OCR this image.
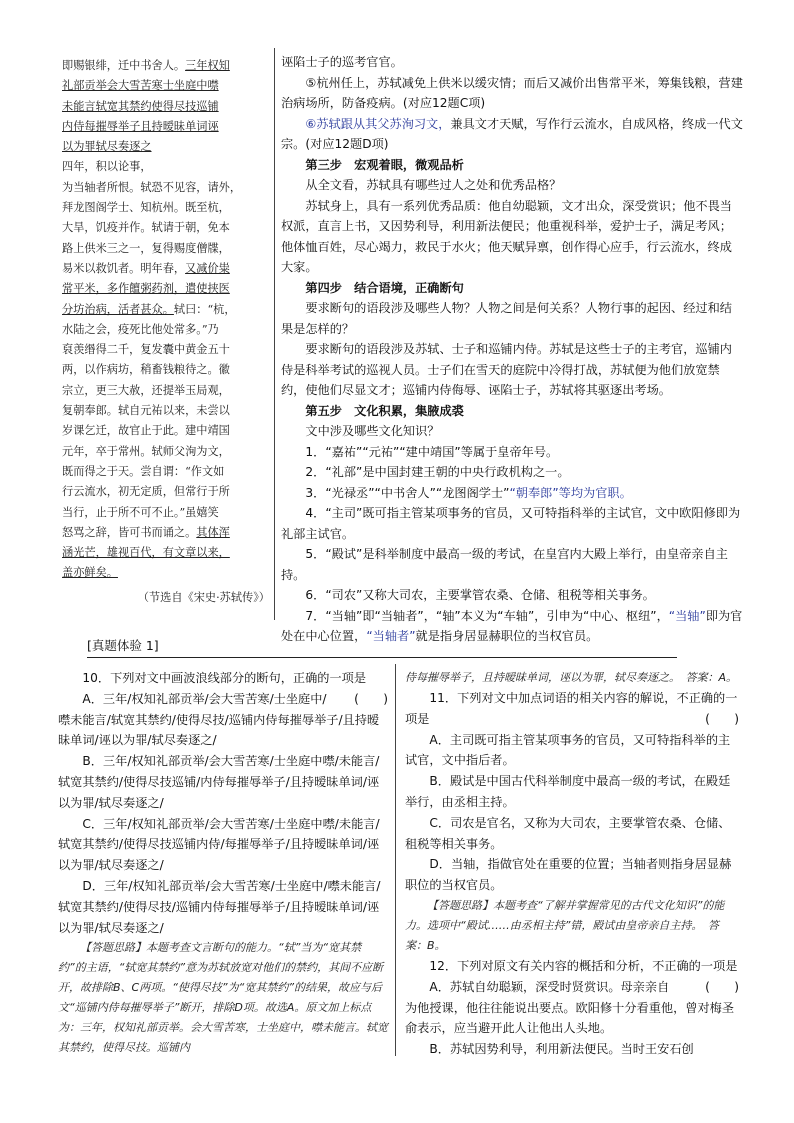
即赐银绯，迁中书舍人。三年权知
礼部贡举会大雪苦寒士坐庭中噤
未能言轼宽其禁约使得尽技巡铺
内侍每摧辱举子且持暧昧单词诬
以为罪轼尽奏逐之
四年，积以论事，
为当轴者所恨。轼恐不见容，请外，
拜龙图阁学士、知杭州。既至杭，
大旱，饥疫并作。轼请于朝，免本
路上供米三之一，复得赐度僧牒，
易米以救饥者。明年春，又减价粜
常平米，多作饘粥药剂，遣使挟医
分坊治病，活者甚众。轼曰：“杭，
水陆之会，疫死比他处常多。”乃
裒羡缗得二千，复发囊中黄金五十
两，以作病坊，稍畜钱粮待之。徽
宗立，更三大赦，还提举玉局观，
复朝奉郎。轼自元祐以来，未尝以
岁课乞迁，故官止于此。建中靖国
元年，卒于常州。轼师父洵为文，
既而得之于天。尝自谓：“作文如
行云流水，初无定质，但常行于所
当行，止于所不可不止。”虽嬉笑
怒骂之辞，皆可书而诵之。其体浑
涵光芒，雄视百代，有文章以来，
盖亦鲜矣。

（节选自《宋史·苏轼传》）

诬陷士子的巡考官官。

⑤杭州任上，苏轼减免上供米以缓灾情；而后又减价出售常平米，筹集钱粮，营建治病场所，防备疫病。(对应12题C项)

⑥苏轼跟从其父苏洵习文，兼具文才天赋，写作行云流水，自成风格，终成一代文宗。(对应12题D项)

第三步　宏观着眼，微观品析

从全文看，苏轼具有哪些过人之处和优秀品格？

苏轼身上，具有一系列优秀品质：他自幼聪颖，文才出众，深受赏识；他不畏当权派，直言上书，又因势利导，利用新法便民；他重视科举，爱护士子，满足考风；他体恤百姓，尽心竭力，救民于水火；他天赋异禀，创作得心应手，行云流水，终成大家。

第四步　结合语境，正确断句

要求断句的语段涉及哪些人物？人物之间是何关系？人物行事的起因、经过和结果是怎样的？

要求断句的语段涉及苏轼、士子和巡铺内侍。苏轼是这些士子的主考官，巡铺内侍是科举考试的巡视人员。士子们在雪天的庭院中冷得打战，苏轼便为他们放宽禁约，使他们尽显文才；巡铺内侍侮辱、诬陷士子，苏轼将其驱逐出考场。

第五步　文化积累，集腋成裘

文中涉及哪些文化知识？

1．“嘉祐”“元祐”“建中靖国”等属于皇帝年号。

2．“礼部”是中国封建王朝的中央行政机构之一。

3．“光禄丞”“中书舍人”“龙图阁学士”“朝奉郎”等均为官职。

4．“主司”既可指主管某项事务的官员，又可特指科举的主试官，文中欧阳修即为礼部主试官。

5．“殿试”是科举制度中最高一级的考试，在皇宫内大殿上举行，由皇帝亲自主持。

6．“司农”又称大司农，主要掌管农桑、仓储、租税等相关事务。

7．“当轴”即“当轴者”，“轴”本义为“车轴”，引申为“中心、枢纽”，“当轴”即为官处在中心位置，“当轴者”就是指身居显赫职位的当权官员。

[真题体验 1]

10．下列对文中画波浪线部分的断句，正确的一项是
(　　)

A．三年/权知礼部贡举/会大雪苦寒/士坐庭中/噤未能言/轼宽其禁约/使得尽技/巡铺内侍每摧辱举子/且持暧昧单词/诬以为罪/轼尽奏逐之/

B．三年/权知礼部贡举/会大雪苦寒/士坐庭中噤/未能言/轼宽其禁约/使得尽技巡铺/内侍每摧辱举子/且持暧昧单词/诬以为罪/轼尽奏逐之/

C．三年/权知礼部贡举/会大雪苦寒/士坐庭中噤/未能言/轼宽其禁约/使得尽技巡铺内侍/每摧辱举子/且持暧昧单词/诬以为罪/轼尽奏逐之/

D．三年/权知礼部贡举/会大雪苦寒/士坐庭中/噤未能言/轼宽其禁约/使得尽技/巡铺内侍每摧辱举子/且持暧昧单词/诬以为罪/轼尽奏逐之/

【答题思路】本题考查文言断句的能力。“轼”当为“宽其禁约”的主语，“轼宽其禁约”意为苏轼放宽对他们的禁约，其间不应断开，故排除B、C两项。“使得尽技”为“宽其禁约”的结果，故应与后文“巡铺内侍每摧辱举子”断开，排除D项。故选A。原文加上标点为：三年，权知礼部贡举。会大雪苦寒，士坐庭中，噤未能言。轼宽其禁约，使得尽技。巡铺内

侍每摧辱举子，且持暧昧单词，诬以为罪，轼尽奏逐之。　答案：A。

11．下列对文中加点词语的相关内容的解说，不正确的一项是	(　　)

A．主司既可指主管某项事务的官员，又可特指科举的主试官，文中指后者。

B．殿试是中国古代科举制度中最高一级的考试，在殿廷举行，由丞相主持。

C．司农是官名，又称为大司农，主要掌管农桑、仓储、租税等相关事务。

D．当轴，指做官处在重要的位置；当轴者则指身居显赫职位的当权官员。

【答题思路】本题考查“了解并掌握常见的古代文化知识”的能力。选项中“殿试……由丞相主持”错，殿试由皇帝亲自主持。　答案：B。

12．下列对原文有关内容的概括和分析，不正确的一项是
(　　)

A．苏轼自幼聪颖，深受时贤赏识。母亲亲自为他授课，他往往能说出要点。欧阳修十分看重他，曾对梅圣俞表示，应当避开此人让他出人头地。

B．苏轼因势利导，利用新法便民。当时王安石创
